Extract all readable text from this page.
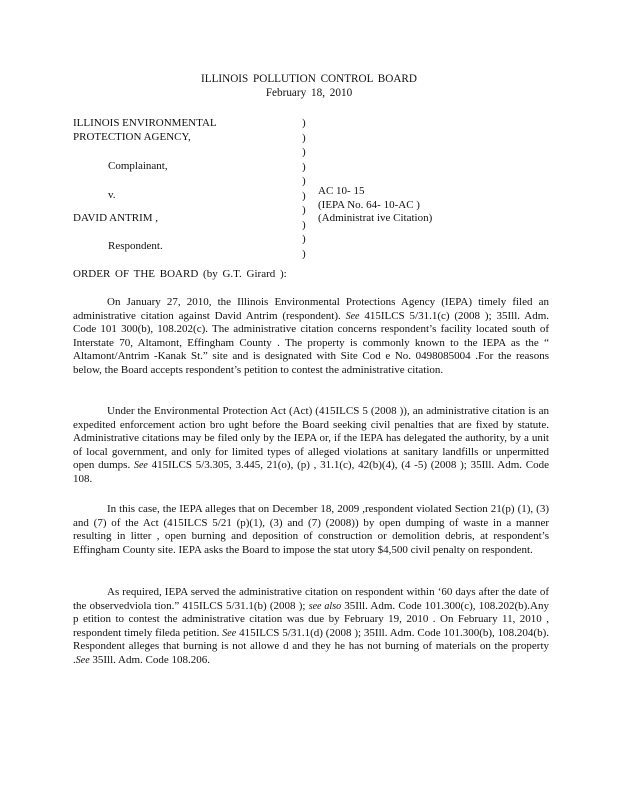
ILLINOIS POLLUTION CONTROL BOARD
February 18, 2010
ILLINOIS ENVIRONMENTAL
PROTECTION AGENCY,
Complainant,
v.
DAVID ANTRIM ,
Respondent.
)
)
)
)
)
)
)
)
)
)
AC 10- 15
(IEPA No. 64- 10-AC )
(Administrat ive Citation)
ORDER OF THE BOARD (by G.T. Girard ):

On January 27, 2010, the Illinois Environmental Protections Agency (IEPA) timely filed an administrative citation against David Antrim (respondent). See 415ILCS 5/31.1(c) (2008 ); 35Ill. Adm. Code 101 300(b), 108.202(c). The administrative citation concerns respondent’s facility located south of Interstate 70, Altamont, Effingham County . The property is commonly known to the IEPA as the “ Altamont/Antrim -Kanak St.” site and is designated with Site Cod e No. 0498085004 .For the reasons below, the Board accepts respondent’s petition to contest the administrative citation.

Under the Environmental Protection Act (Act) (415ILCS 5 (2008 )), an administrative citation is an expedited enforcement action bro ught before the Board seeking civil penalties that are fixed by statute. Administrative citations may be filed only by the IEPA or, if the IEPA has delegated the authority, by a unit of local government, and only for limited types of alleged violations at sanitary landfills or unpermitted open dumps. See 415ILCS 5/3.305, 3.445, 21(o), (p) , 31.1(c), 42(b)(4), (4 -5) (2008 ); 35Ill. Adm. Code 108.

In this case, the IEPA alleges that on December 18, 2009 ,respondent violated Section 21(p) (1), (3) and (7) of the Act (415ILCS 5/21 (p)(1), (3) and (7) (2008)) by open dumping of waste in a manner resulting in litter , open burning and deposition of construction or demolition debris, at respondent’s Effingham County site. IEPA asks the Board to impose the stat utory $4,500 civil penalty on respondent.

As required, IEPA served the administrative citation on respondent within ‘60 days after the date of the observedviola tion.” 415ILCS 5/31.1(b) (2008 ); see also 35Ill. Adm. Code 101.300(c), 108.202(b).Any p etition to contest the administrative citation was due by February 19, 2010 . On February 11, 2010 , respondent timely fileda petition. See 415ILCS 5/31.1(d) (2008 ); 35Ill. Adm. Code 101.300(b), 108.204(b). Respondent alleges that burning is not allowe d and they he has not burning of materials on the property .See 35Ill. Adm. Code 108.206.
